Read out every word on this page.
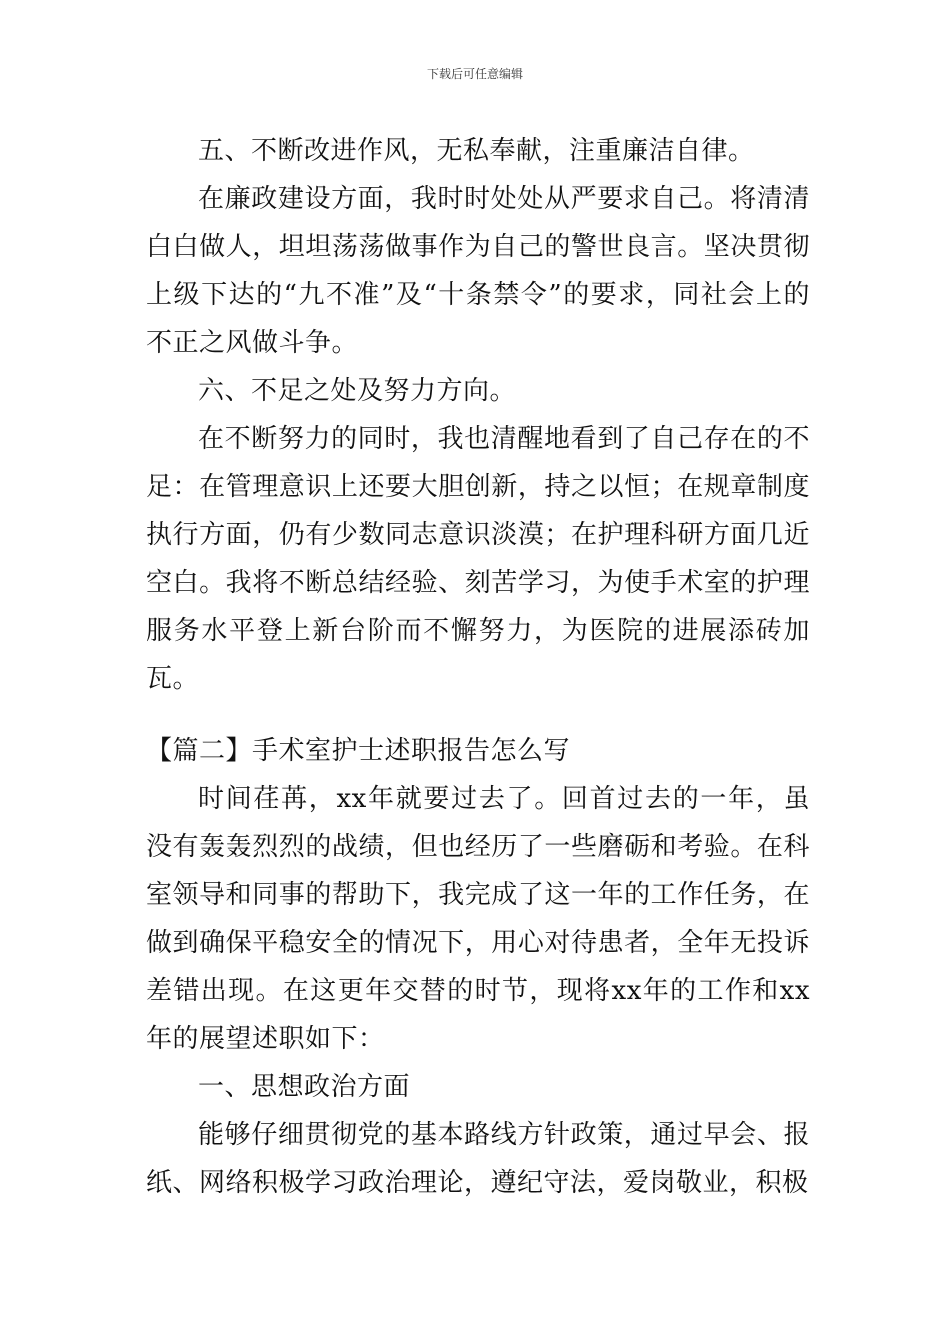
下载后可任意编辑

五、不断改进作风，无私奉献，注重廉洁自律。

在廉政建设方面，我时时处处从严要求自己。将清清白白做人，坦坦荡荡做事作为自己的警世良言。坚决贯彻上级下达的“九不准”及“十条禁令”的要求，同社会上的不正之风做斗争。

六、不足之处及努力方向。

在不断努力的同时，我也清醒地看到了自己存在的不足：在管理意识上还要大胆创新，持之以恒；在规章制度执行方面，仍有少数同志意识淡漠；在护理科研方面几近空白。我将不断总结经验、刻苦学习，为使手术室的护理服务水平登上新台阶而不懈努力，为医院的进展添砖加瓦。

【篇二】手术室护士述职报告怎么写

时间荏苒，xx年就要过去了。回首过去的一年，虽没有轰轰烈烈的战绩，但也经历了一些磨砺和考验。在科室领导和同事的帮助下，我完成了这一年的工作任务，在做到确保平稳安全的情况下，用心对待患者，全年无投诉差错出现。在这更年交替的时节，现将xx年的工作和xx年的展望述职如下：

一、思想政治方面

能够仔细贯彻党的基本路线方针政策，通过早会、报纸、网络积极学习政治理论，遵纪守法，爱岗敬业，积极
